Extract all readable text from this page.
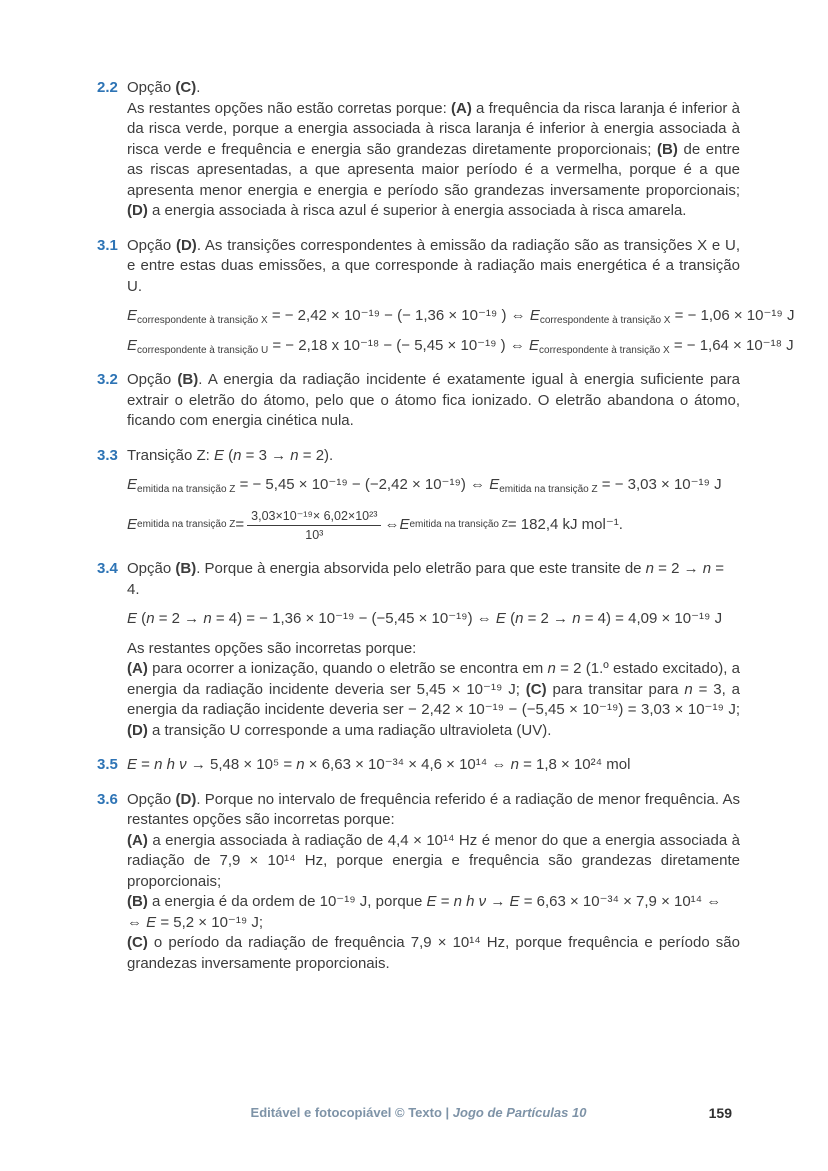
2.2 Opção (C).

As restantes opções não estão corretas porque: (A) a frequência da risca laranja é inferior à da risca verde, porque a energia associada à risca laranja é inferior à energia associada à risca verde e frequência e energia são grandezas diretamente proporcionais; (B) de entre as riscas apresentadas, a que apresenta maior período é a vermelha, porque é a que apresenta menor energia e energia e período são grandezas inversamente proporcionais; (D) a energia associada à risca azul é superior à energia associada à risca amarela.

3.1 Opção (D). As transições correspondentes à emissão da radiação são as transições X e U, e entre estas duas emissões, a que corresponde à radiação mais energética é a transição U.

$E_{correspondente à transição X}$ = − 2,42 × 10⁻¹⁹ − (− 1,36 × 10⁻¹⁹ ) ⇔ $E_{correspondente à transição X}$ = − 1,06 × 10⁻¹⁹ J

$E_{correspondente à transição U}$ = − 2,18 x 10⁻¹⁸ − (− 5,45 × 10⁻¹⁹ ) ⇔ $E_{correspondente à transição X}$ = − 1,64 × 10⁻¹⁸ J

3.2 Opção (B). A energia da radiação incidente é exatamente igual à energia suficiente para extrair o eletrão do átomo, pelo que o átomo fica ionizado. O eletrão abandona o átomo, ficando com energia cinética nula.

3.3 Transição Z: E (n = 3 → n = 2).

$E_{emitida na transição Z}$ = − 5,45 × 10⁻¹⁹ − (−2,42 × 10⁻¹⁹) ⇔ $E_{emitida na transição Z}$ = − 3,03 × 10⁻¹⁹ J

E emitida na transição $Z = \frac{\text{3,03×10⁻¹⁹× 6,02×10²³}}{\text{10³}}$ ⇔ E emitida na transição Z = 182,4 kJ mol⁻¹.

3.4 Opção (B). Porque à energia absorvida pelo eletrão para que este transite de n = 2 → n = 4.

E (n = 2 → n = 4) = − 1,36 × 10⁻¹⁹ − (−5,45 × 10⁻¹⁹) ⇔ E (n = 2 → n = 4) = 4,09 × 10⁻¹⁹ J

As restantes opções são incorretas porque:

(A) para ocorrer a ionização, quando o eletrão se encontra em n = 2 (1.º estado excitado), a energia da radiação incidente deveria ser 5,45 × 10⁻¹⁹ J; (C) para transitar para n = 3, a energia da radiação incidente deveria ser − 2,42 × 10⁻¹⁹ − (−5,45 × 10⁻¹⁹) = 3,03 × 10⁻¹⁹ J; (D) a transição U corresponde a uma radiação ultravioleta (UV).

3.5 E = n h ν → 5,48 × 10⁵ = n × 6,63 × 10⁻³⁴ × 4,6 × 10¹⁴ ⇔ n = 1,8 × 10²⁴ mol

3.6 Opção (D). Porque no intervalo de frequência referido é a radiação de menor frequência. As restantes opções são incorretas porque:

(A) a energia associada à radiação de 4,4 × 10¹⁴ Hz é menor do que a energia associada à radiação de 7,9 × 10¹⁴ Hz, porque energia e frequência são grandezas diretamente proporcionais;

(B) a energia é da ordem de 10⁻¹⁹ J, porque E = n h ν → E = 6,63 × 10⁻³⁴ × 7,9 × 10¹⁴ ⇔

⇔ E = 5,2 × 10⁻¹⁹ J;

(C) o período da radiação de frequência 7,9 × 10¹⁴ Hz, porque frequência e período são grandezas inversamente proporcionais.

Editável e fotocopiável © Texto | Jogo de Partículas 10	159
